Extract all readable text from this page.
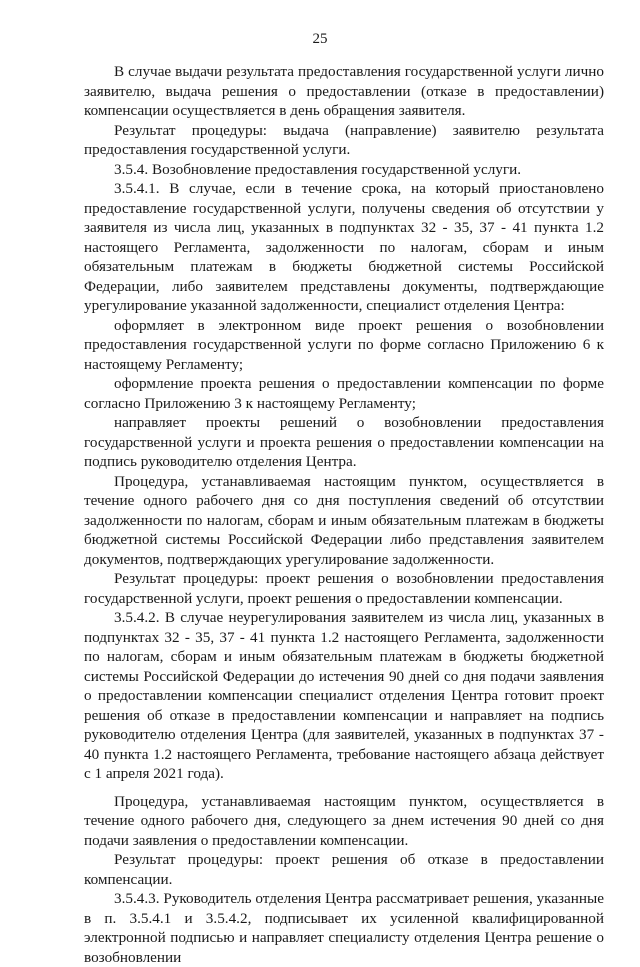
25

В случае выдачи результата предоставления государственной услуги лично заявителю, выдача решения о предоставлении (отказе в предоставлении) компенсации осуществляется в день обращения заявителя.

Результат процедуры: выдача (направление) заявителю результата предоставления государственной услуги.

3.5.4. Возобновление предоставления государственной услуги.

3.5.4.1. В случае, если в течение срока, на который приостановлено предоставление государственной услуги, получены сведения об отсутствии у заявителя из числа лиц, указанных в подпунктах 32 - 35, 37 - 41 пункта 1.2 настоящего Регламента, задолженности по налогам, сборам и иным обязательным платежам в бюджеты бюджетной системы Российской Федерации, либо заявителем представлены документы, подтверждающие урегулирование указанной задолженности, специалист отделения Центра:

оформляет в электронном виде проект решения о возобновлении предоставления государственной услуги по форме согласно Приложению 6 к настоящему Регламенту;

оформление проекта решения о предоставлении компенсации по форме согласно Приложению 3 к настоящему Регламенту;

направляет проекты решений о возобновлении предоставления государственной услуги и проекта решения о предоставлении компенсации на подпись руководителю отделения Центра.

Процедура, устанавливаемая настоящим пунктом, осуществляется в течение одного рабочего дня со дня поступления сведений об отсутствии задолженности по налогам, сборам и иным обязательным платежам в бюджеты бюджетной системы Российской Федерации либо представления заявителем документов, подтверждающих урегулирование задолженности.

Результат процедуры: проект решения о возобновлении предоставления государственной услуги, проект решения о предоставлении компенсации.

3.5.4.2. В случае неурегулирования заявителем из числа лиц, указанных в подпунктах 32 - 35, 37 - 41 пункта 1.2 настоящего Регламента, задолженности по налогам, сборам и иным обязательным платежам в бюджеты бюджетной системы Российской Федерации до истечения 90 дней со дня подачи заявления о предоставлении компенсации специалист отделения Центра готовит проект решения об отказе в предоставлении компенсации и направляет на подпись руководителю отделения Центра (для заявителей, указанных в подпунктах 37 - 40 пункта 1.2 настоящего Регламента, требование настоящего абзаца действует с 1 апреля 2021 года).

Процедура, устанавливаемая настоящим пунктом, осуществляется в течение одного рабочего дня, следующего за днем истечения 90 дней со дня подачи заявления о предоставлении компенсации.

Результат процедуры: проект решения об отказе в предоставлении компенсации.

3.5.4.3. Руководитель отделения Центра рассматривает решения, указанные в п. 3.5.4.1 и 3.5.4.2, подписывает их усиленной квалифицированной электронной подписью и направляет специалисту отделения Центра решение о возобновлении
